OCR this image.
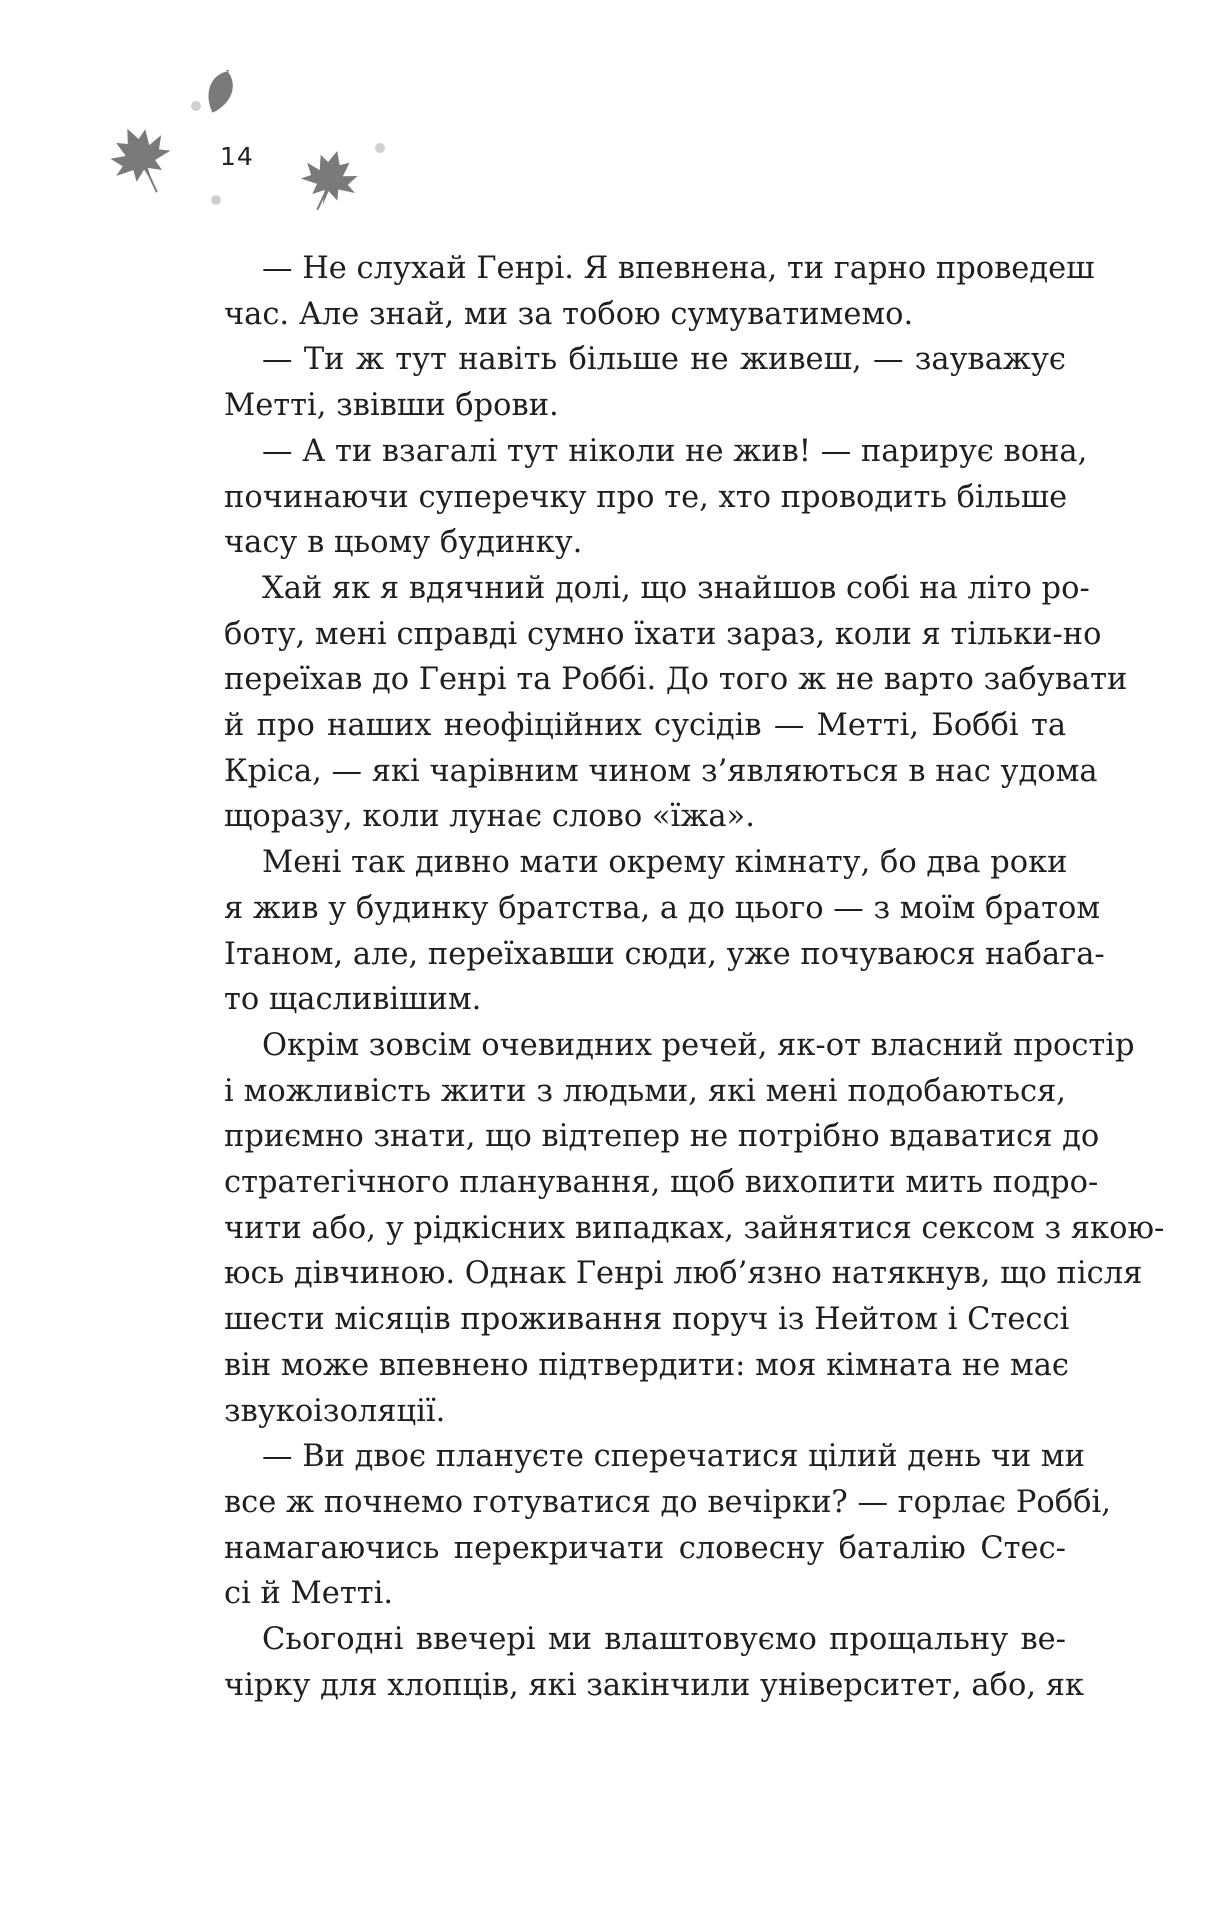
14

— Не слухай Генрі. Я впевнена, ти гарно проведеш
час. Але знай, ми за тобою сумуватимемо.

— Ти ж тут навіть більше не живеш, — зауважує
Метті, звівши брови.

— А ти взагалі тут ніколи не жив! — парирує вона,
починаючи суперечку про те, хто проводить більше
часу в цьому будинку.

Хай як я вдячний долі, що знайшов собі на літо ро-
боту, мені справді сумно їхати зараз, коли я тільки-но
переїхав до Генрі та Роббі. До того ж не варто забувати
й про наших неофіційних сусідів — Метті, Боббі та
Кріса, — які чарівним чином з’являються в нас удома
щоразу, коли лунає слово «їжа».

Мені так дивно мати окрему кімнату, бо два роки
я жив у будинку братства, а до цього — з моїм братом
Ітаном, але, переїхавши сюди, уже почуваюся набага-
то щасливішим.

Окрім зовсім очевидних речей, як-от власний простір
і можливість жити з людьми, які мені подобаються,
приємно знати, що відтепер не потрібно вдаватися до
стратегічного планування, щоб вихопити мить подро-
чити або, у рідкісних випадках, зайнятися сексом з якою-
юсь дівчиною. Однак Генрі люб’язно натякнув, що після
шести місяців проживання поруч із Нейтом і Стессі
він може впевнено підтвердити: моя кімната не має
звукоізоляції.

— Ви двоє плануєте сперечатися цілий день чи ми
все ж почнемо готуватися до вечірки? — горлає Роббі,
намагаючись перекричати словесну баталію Стес-
сі й Метті.

Сьогодні ввечері ми влаштовуємо прощальну ве-
чірку для хлопців, які закінчили університет, або, як
